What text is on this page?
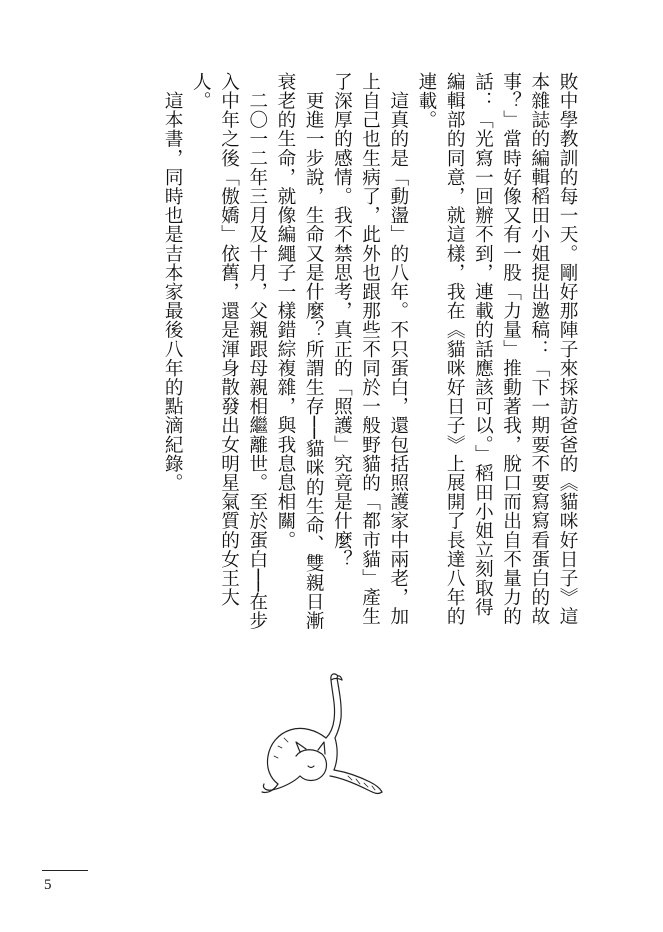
敗中學教訓的每一天。剛好那陣子來採訪爸爸的《貓咪好日子》這本雜誌的編輯稻田小姐提出邀稿：「下一期要不要寫寫看蛋白的故事？」當時好像又有一股「力量」推動著我，脫口而出自不量力的話：「光寫一回辦不到，連載的話應該可以。」稻田小姐立刻取得編輯部的同意，就這樣，我在《貓咪好日子》上展開了長達八年的連載。

　這真的是「動盪」的八年。不只蛋白，還包括照護家中兩老，加上自己也生病了，此外也跟那些不同於一般野貓的「都市貓」產生了深厚的感情。我不禁思考，真正的「照護」究竟是什麼？

　更進一步說，生命又是什麼？所謂生存──貓咪的生命、雙親日漸衰老的生命，就像編繩子一樣錯綜複雜，與我息息相關。

　二〇一二年三月及十月，父親跟母親相繼離世。至於蛋白──在步入中年之後「傲嬌」依舊，還是渾身散發出女明星氣質的女王大人。

　這本書，同時也是吉本家最後八年的點滴紀錄。

5
